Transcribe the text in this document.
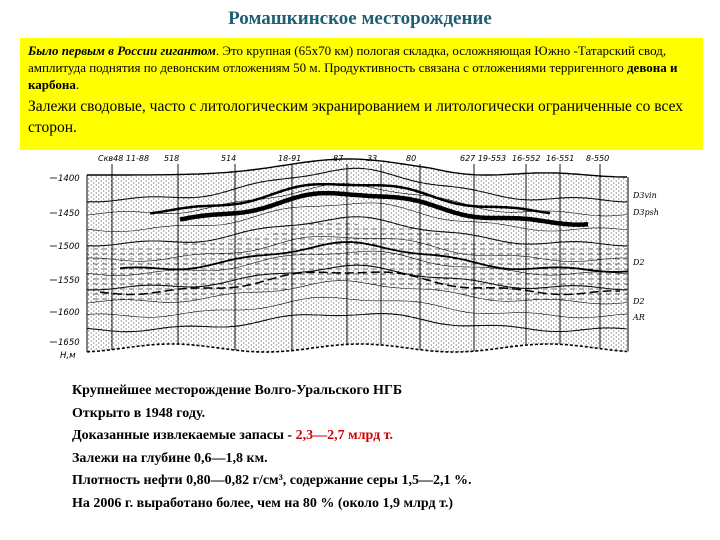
Ромашкинское месторождение

Было первым в России гигантом. Это крупная (65х70 км) пологая складка, осложняющая Южно -Татарский свод, амплитуда поднятия по девонским отложениям 50 м. Продуктивность связана с отложениями терригенного девона и карбона.

Залежи сводовые, часто с литологическим экранированием и литологически ограниченные со всех сторон.

Скв48 11-88 518	514	18-91	87	33	80	627 19-553 16-552 16-551 8-550
1400
1450
1500
1550
1600
1650
Н,м
D3vin
D3psh
D2
D2
AR
Крупнейшее месторождение Волго-Уральского НГБ
Открыто в 1948 году.
Доказанные извлекаемые запасы - 2,3—2,7 млрд т.
Залежи на глубине 0,6—1,8 км.
Плотность нефти 0,80—0,82 г/см³, содержание серы 1,5—2,1 %.
На 2006 г. выработано более, чем на 80 % (около 1,9 млрд т.)
